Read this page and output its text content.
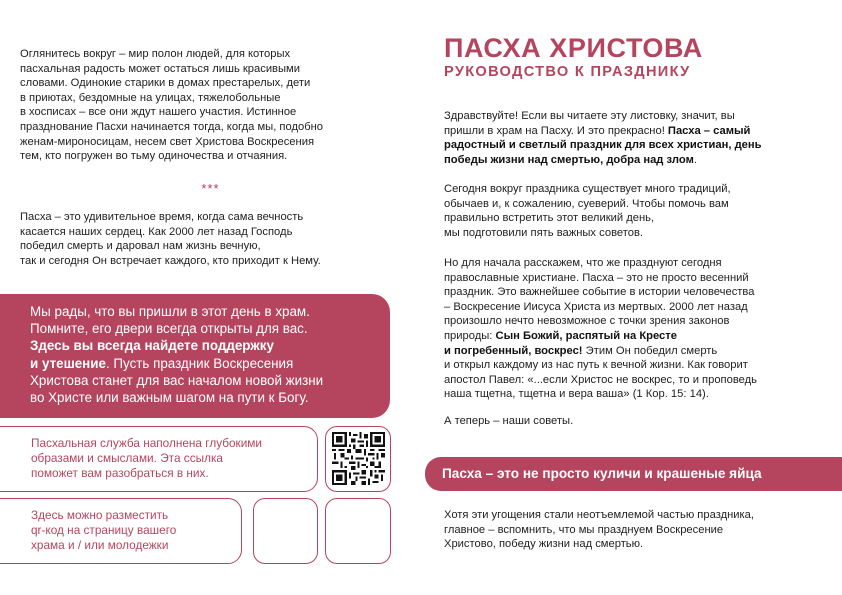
Оглянитесь вокруг – мир полон людей, для которых
пасхальная радость может остаться лишь красивыми
словами. Одинокие старики в домах престарелых, дети
в приютах, бездомные на улицах, тяжелобольные
в хосписах – все они ждут нашего участия. Истинное
празднование Пасхи начинается тогда, когда мы, подобно
женам-мироносицам, несем свет Христова Воскресения
тем, кто погружен во тьму одиночества и отчаяния.
***
Пасха – это удивительное время, когда сама вечность
касается наших сердец. Как 2000 лет назад Господь
победил смерть и даровал нам жизнь вечную,
так и сегодня Он встречает каждого, кто приходит к Нему.
Мы рады, что вы пришли в этот день в храм.
Помните, его двери всегда открыты для вас.
Здесь вы всегда найдете поддержку
и утешение. Пусть праздник Воскресения
Христова станет для вас началом новой жизни
во Христе или важным шагом на пути к Богу.
Пасхальная служба наполнена глубокими
образами и смыслами. Эта ссылка
поможет вам разобраться в них.
Здесь можно разместить
qr-код на страницу вашего
храма и / или молодежки
ПАСХА ХРИСТОВА
РУКОВОДСТВО К ПРАЗДНИКУ
Здравствуйте! Если вы читаете эту листовку, значит, вы
пришли в храм на Пасху. И это прекрасно! Пасха – самый
радостный и светлый праздник для всех христиан, день
победы жизни над смертью, добра над злом.
Сегодня вокруг праздника существует много традиций,
обычаев и, к сожалению, суеверий. Чтобы помочь вам
правильно встретить этот великий день,
мы подготовили пять важных советов.
Но для начала расскажем, что же празднуют сегодня
православные христиане. Пасха – это не просто весенний
праздник. Это важнейшее событие в истории человечества
– Воскресение Иисуса Христа из мертвых. 2000 лет назад
произошло нечто невозможное с точки зрения законов
природы: Сын Божий, распятый на Кресте
и погребенный, воскрес! Этим Он победил смерть
и открыл каждому из нас путь к вечной жизни. Как говорит
апостол Павел: «...если Христос не воскрес, то и проповедь
наша тщетна, тщетна и вера ваша» (1 Кор. 15: 14).
А теперь – наши советы.
Пасха – это не просто куличи и крашеные яйца
Хотя эти угощения стали неотъемлемой частью праздника,
главное – вспомнить, что мы празднуем Воскресение
Христово, победу жизни над смертью.
